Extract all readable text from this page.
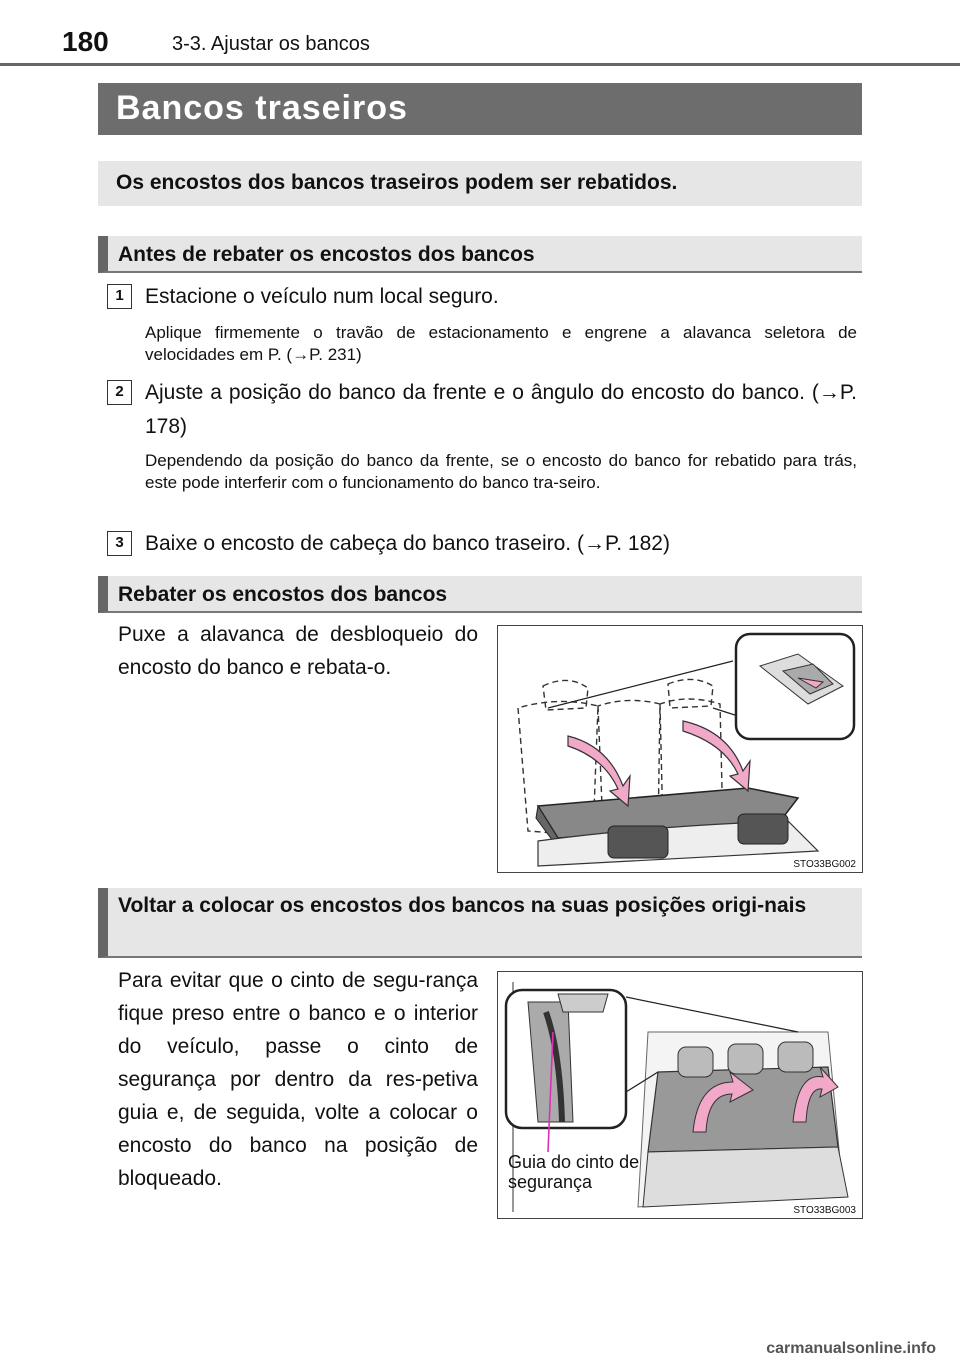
180	3-3. Ajustar os bancos
Bancos traseiros
Os encostos dos bancos traseiros podem ser rebatidos.
Antes de rebater os encostos dos bancos
1	Estacione o veículo num local seguro.
Aplique firmemente o travão de estacionamento e engrene a alavanca seletora de velocidades em P. (→P. 231)
2	Ajuste a posição do banco da frente e o ângulo do encosto do banco. (→P. 178)
Dependendo da posição do banco da frente, se o encosto do banco for rebatido para trás, este pode interferir com o funcionamento do banco tra-seiro.
3	Baixe o encosto de cabeça do banco traseiro. (→P. 182)
Rebater os encostos dos bancos
Puxe a alavanca de desbloqueio do encosto do banco e rebata-o.
STO33BG002
Voltar a colocar os encostos dos bancos na suas posições origi-nais
Para evitar que o cinto de segu-rança fique preso entre o banco e o interior do veículo, passe o cinto de segurança por dentro da res-petiva guia e, de seguida, volte a colocar o encosto do banco na posição de bloqueado.
Guia do cinto de segurança
STO33BG003
carmanualsonline.info
